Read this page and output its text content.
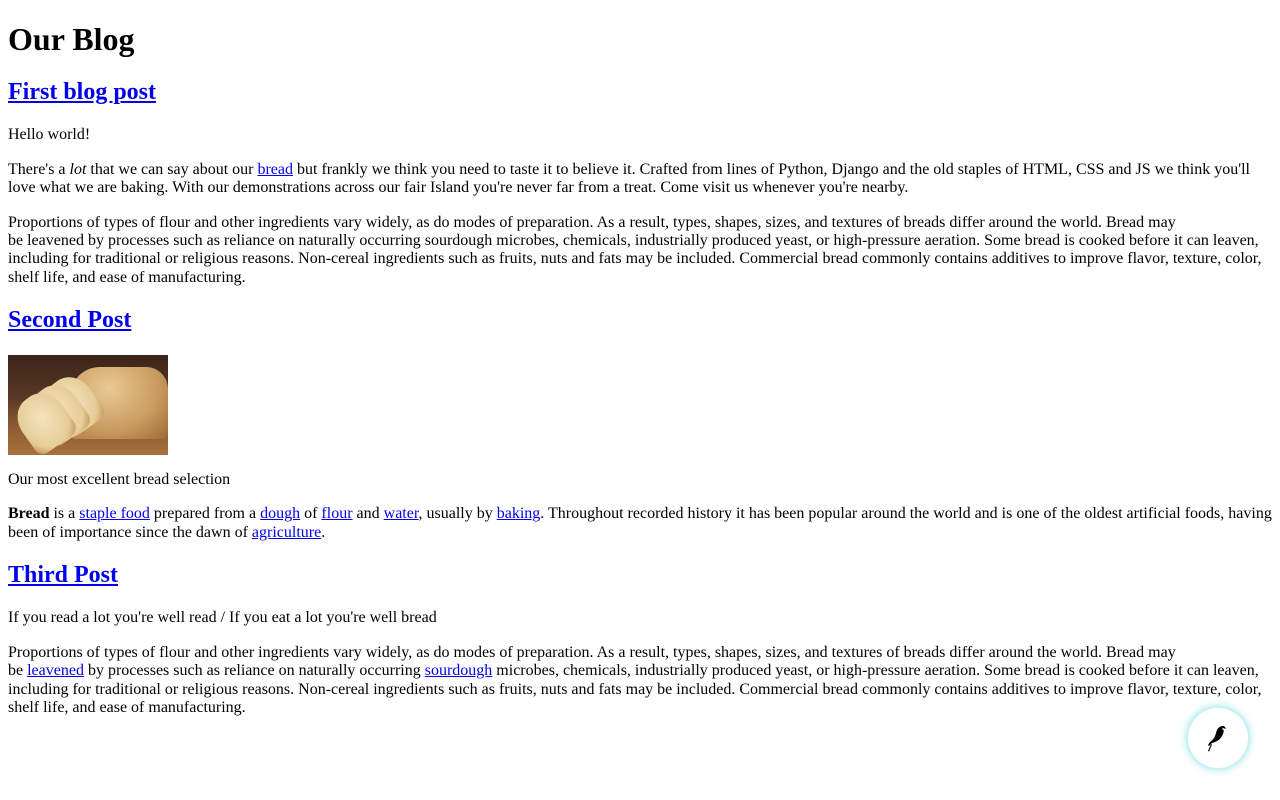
Our Blog
First blog post

Hello world!

There's a lot that we can say about our bread but frankly we think you need to taste it to believe it. Crafted from lines of Python, Django and the old staples of HTML, CSS and JS we think you'll love what we are baking. With our demonstrations across our fair Island you're never far from a treat. Come visit us whenever you're nearby.

Proportions of types of flour and other ingredients vary widely, as do modes of preparation. As a result, types, shapes, sizes, and textures of breads differ around the world. Bread may
be leavened by processes such as reliance on naturally occurring sourdough microbes, chemicals, industrially produced yeast, or high-pressure aeration. Some bread is cooked before it can leaven, including for traditional or religious reasons. Non-cereal ingredients such as fruits, nuts and fats may be included. Commercial bread commonly contains additives to improve flavor, texture, color, shelf life, and ease of manufacturing.

Second Post

Our most excellent bread selection

Bread is a staple food prepared from a dough of flour and water, usually by baking. Throughout recorded history it has been popular around the world and is one of the oldest artificial foods, having been of importance since the dawn of agriculture.

Third Post

If you read a lot you're well read / If you eat a lot you're well bread

Proportions of types of flour and other ingredients vary widely, as do modes of preparation. As a result, types, shapes, sizes, and textures of breads differ around the world. Bread may
be leavened by processes such as reliance on naturally occurring sourdough microbes, chemicals, industrially produced yeast, or high-pressure aeration. Some bread is cooked before it can leaven, including for traditional or religious reasons. Non-cereal ingredients such as fruits, nuts and fats may be included. Commercial bread commonly contains additives to improve flavor, texture, color, shelf life, and ease of manufacturing.
